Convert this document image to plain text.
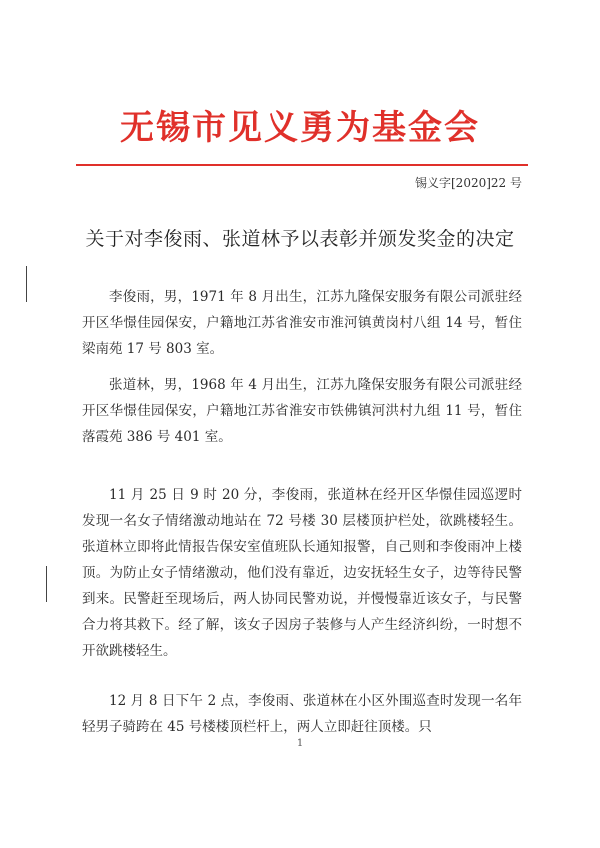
无锡市见义勇为基金会
锡义字[2020]22 号
关于对李俊雨、张道林予以表彰并颁发奖金的决定

李俊雨，男，1971 年 8 月出生，江苏九隆保安服务有限公司派驻经开区华憬佳园保安，户籍地江苏省淮安市淮河镇黄岗村八组 14 号，暂住梁南苑 17 号 803 室。

张道林，男，1968 年 4 月出生，江苏九隆保安服务有限公司派驻经开区华憬佳园保安，户籍地江苏省淮安市铁佛镇河洪村九组 11 号，暂住落霞苑 386 号 401 室。

11 月 25 日 9 时 20 分，李俊雨，张道林在经开区华憬佳园巡逻时发现一名女子情绪激动地站在 72 号楼 30 层楼顶护栏处，欲跳楼轻生。张道林立即将此情报告保安室值班队长通知报警，自己则和李俊雨冲上楼顶。为防止女子情绪激动，他们没有靠近，边安抚轻生女子，边等待民警到来。民警赶至现场后，两人协同民警劝说，并慢慢靠近该女子，与民警合力将其救下。经了解，该女子因房子装修与人产生经济纠纷，一时想不开欲跳楼轻生。

12 月 8 日下午 2 点，李俊雨、张道林在小区外围巡查时发现一名年轻男子骑跨在 45 号楼楼顶栏杆上，两人立即赶往顶楼。只

1
